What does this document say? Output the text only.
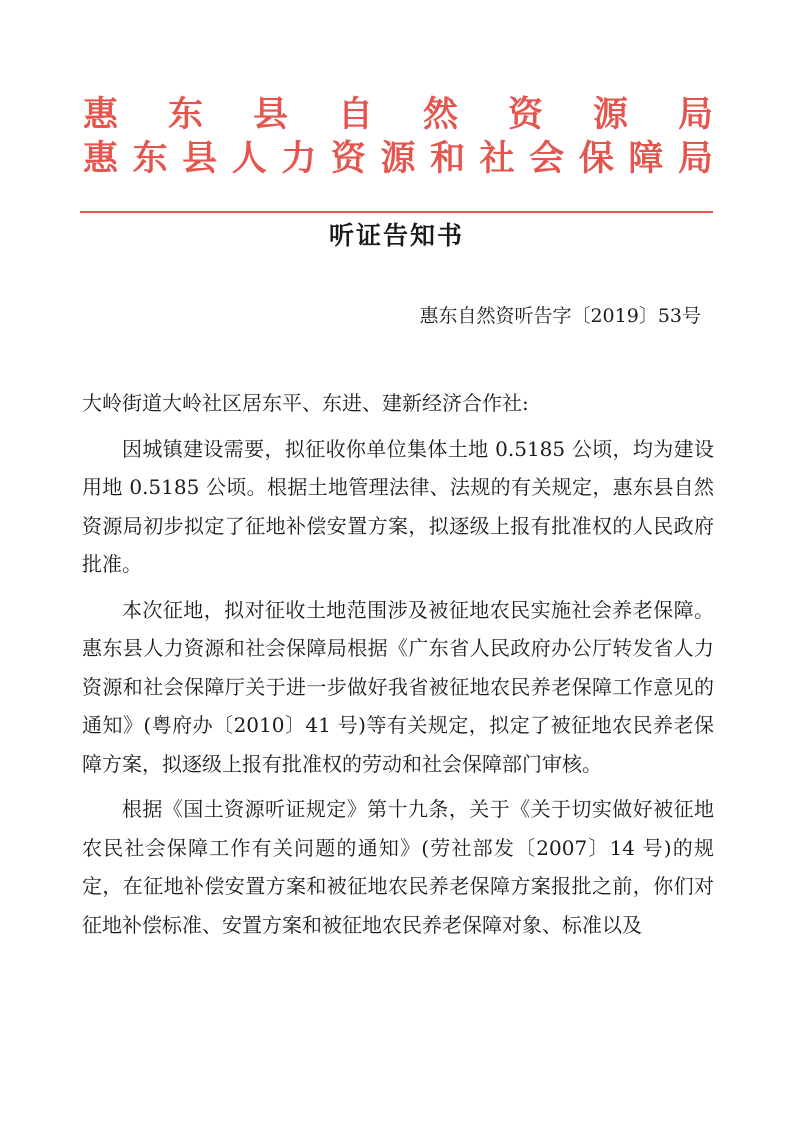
惠　东　县　自　然　资　源　局
惠东县人力资源和社会保障局
听证告知书
惠东自然资听告字〔2019〕53号

大岭街道大岭社区居东平、东进、建新经济合作社:

因城镇建设需要，拟征收你单位集体土地 0.5185 公顷，均为建设用地 0.5185 公顷。根据土地管理法律、法规的有关规定，惠东县自然资源局初步拟定了征地补偿安置方案，拟逐级上报有批准权的人民政府批准。

本次征地，拟对征收土地范围涉及被征地农民实施社会养老保障。惠东县人力资源和社会保障局根据《广东省人民政府办公厅转发省人力资源和社会保障厅关于进一步做好我省被征地农民养老保障工作意见的通知》(粤府办〔2010〕41 号)等有关规定，拟定了被征地农民养老保障方案，拟逐级上报有批准权的劳动和社会保障部门审核。

根据《国土资源听证规定》第十九条，关于《关于切实做好被征地农民社会保障工作有关问题的通知》(劳社部发〔2007〕14 号)的规定，在征地补偿安置方案和被征地农民养老保障方案报批之前，你们对征地补偿标准、安置方案和被征地农民养老保障对象、标准以及
